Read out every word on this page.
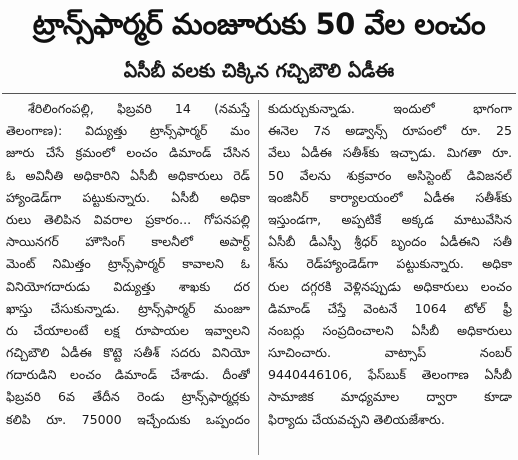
ట్రాన్స్‌ఫార్మర్ మంజూరుకు 50 వేల లంచం
ఏసీబీ వలకు చిక్కిన గచ్చిబౌలి ఏడీఈ
శేరిలింగంపల్లి, ఫిబ్రవరి 14 (నమస్తే
తెలంగాణ): విద్యుత్తు ట్రాన్స్‌ఫార్మర్ మం
జూరు చేసే క్రమంలో లంచం డిమాండ్ చేసిన
ఓ అవినీతి అధికారిని ఏసీబీ అధికారులు రెడ్
హ్యాండెడ్‌గా పట్టుకున్నారు. ఏసీబీ అధికా
రులు తెలిపిన వివరాల ప్రకారం... గోపనపల్లి
సాయినగర్ హౌసింగ్ కాలనీలో అపార్ట్
మెంట్ నిమిత్తం ట్రాన్స్‌ఫార్మర్ కావాలని ఓ
వినియోగదారుడు విద్యుత్తు శాఖకు దర
ఖాస్తు చేసుకున్నాడు. ట్రాన్స్‌ఫార్మర్ మంజూ
రు చేయాలంటే లక్ష రూపాయల ఇవ్వాలని
గచ్చిబౌలి ఏడీఈ కొట్టె సతీశ్ సదరు వినియో
గదారుడిని లంచం డిమాండ్ చేశాడు. దీంతో
ఫిబ్రవరి 6వ తేదీన రెండు ట్రాన్స్‌ఫార్మర్లకు
కలిపి రూ. 75000 ఇచ్చేందుకు ఒప్పందం
కుదుర్చుకున్నాడు. ఇందులో భాగంగా
ఈనెల 7న అడ్వాన్స్ రూపంలో రూ. 25
వేలు ఏడీఈ సతీశ్‌కు ఇచ్చాడు. మిగతా రూ.
50 వేలను శుక్రవారం అసిస్టెంట్ డివిజనల్
ఇంజినీర్ కార్యాలయంలో ఏడీఈ సతీశ్‌కు
ఇస్తుండగా, అప్పటికే అక్కడ మాటువేసిన
ఏసీబీ డీఎస్పీ శ్రీధర్ బృందం ఏడీఈని సతీ
శ్‌ను రెడ్‌హ్యాండెడ్‌గా పట్టుకున్నారు. అధికా
రుల దగ్గరకి వెళ్లినప్పుడు అధికారులు లంచం
డిమాండ్ చేస్తే వెంటనే 1064 టోల్ ఫ్రీ
నంబర్లు సంప్రదించాలని ఏసీబీ అధికారులు
సూచించారు. వాట్సాప్ నంబర్
9440446106, ఫేస్‌బుక్ తెలంగాణ ఏసీబీ
సామాజిక మాధ్యమాల ద్వారా కూడా
ఫిర్యాదు చేయవచ్చని తెలియజేశారు.
